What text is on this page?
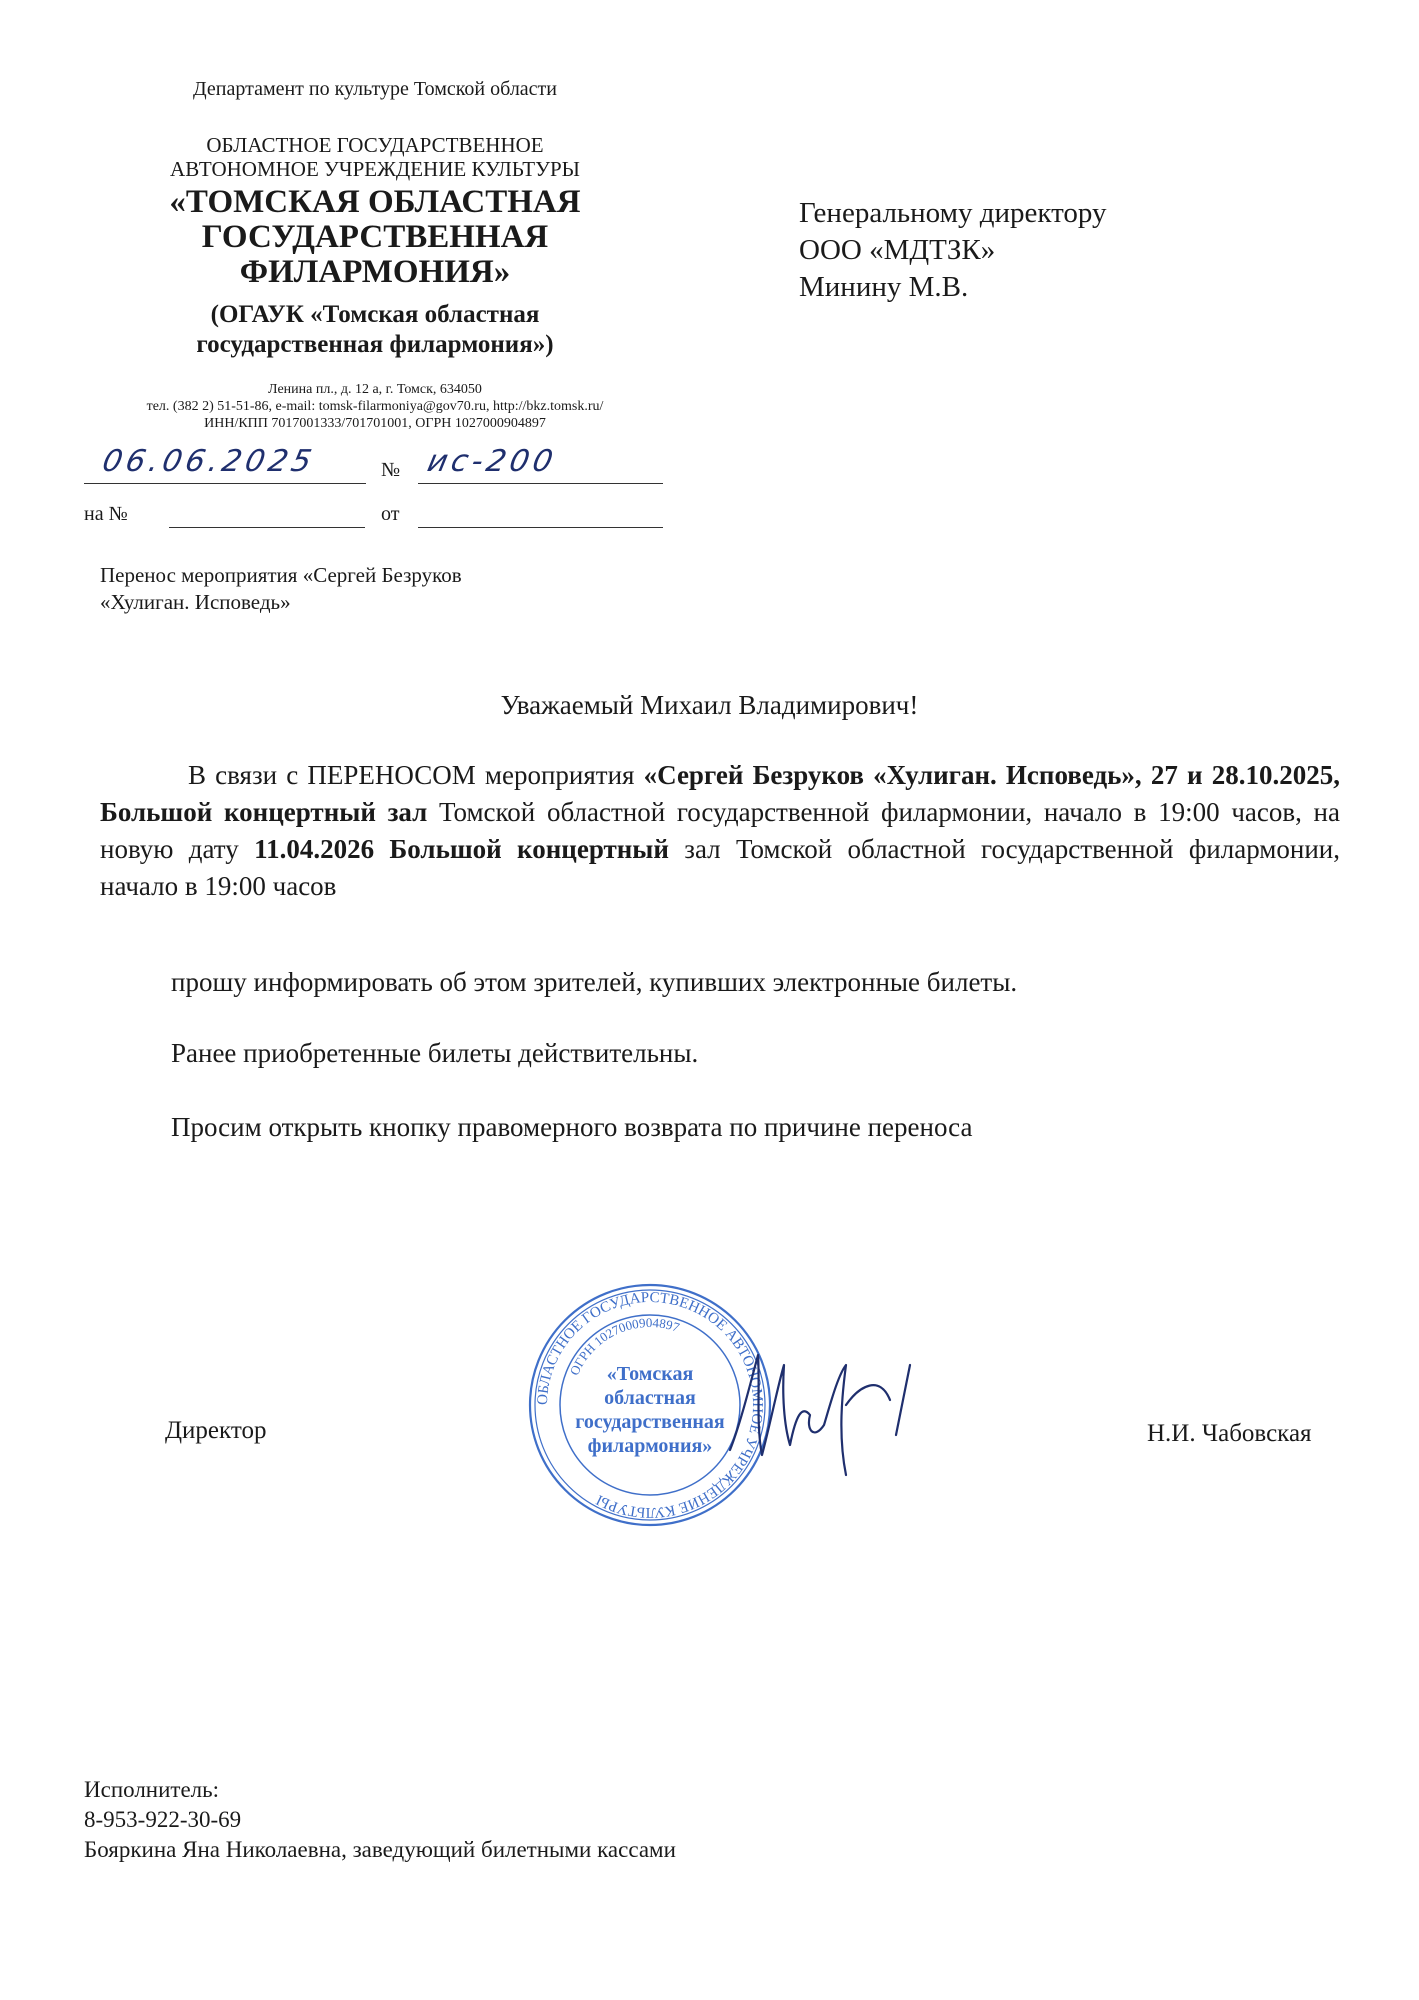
Департамент по культуре Томской области
ОБЛАСТНОЕ ГОСУДАРСТВЕННОЕ
АВТОНОМНОЕ УЧРЕЖДЕНИЕ КУЛЬТУРЫ
«ТОМСКАЯ ОБЛАСТНАЯ
ГОСУДАРСТВЕННАЯ
ФИЛАРМОНИЯ»
(ОГАУК «Томская областная
государственная филармония»)
Ленина пл., д. 12 а, г. Томск, 634050
тел. (382 2) 51-51-86, e-mail: tomsk-filarmoniya@gov70.ru, http://bkz.tomsk.ru/
ИНН/КПП 7017001333/701701001, ОГРН 1027000904897
06.06.2025	№ ис-200
на №	от
Генеральному директору
ООО «МДТЗК»
Минину М.В.
Перенос мероприятия «Сергей Безруков
«Хулиган. Исповедь»
Уважаемый Михаил Владимирович!
В связи с ПЕРЕНОСОМ мероприятия «Сергей Безруков «Хулиган. Исповедь», 27 и 28.10.2025, Большой концертный зал Томской областной государственной филармонии, начало в 19:00 часов, на новую дату 11.04.2026 Большой концертный зал Томской областной государственной филармонии, начало в 19:00 часов
прошу информировать об этом зрителей, купивших электронные билеты.
Ранее приобретенные билеты действительны.
Просим открыть кнопку правомерного возврата по причине переноса
ОБЛАСТНОЕ ГОСУДАРСТВЕННОЕ АВТОНОМНОЕ УЧРЕЖДЕНИЕ КУЛЬТУРЫ
ОГРН 1027000904897
«Томская
областная
государственная
филармония»
Директор	Н.И. Чабовская
Исполнитель:
8-953-922-30-69
Бояркина Яна Николаевна, заведующий билетными кассами
